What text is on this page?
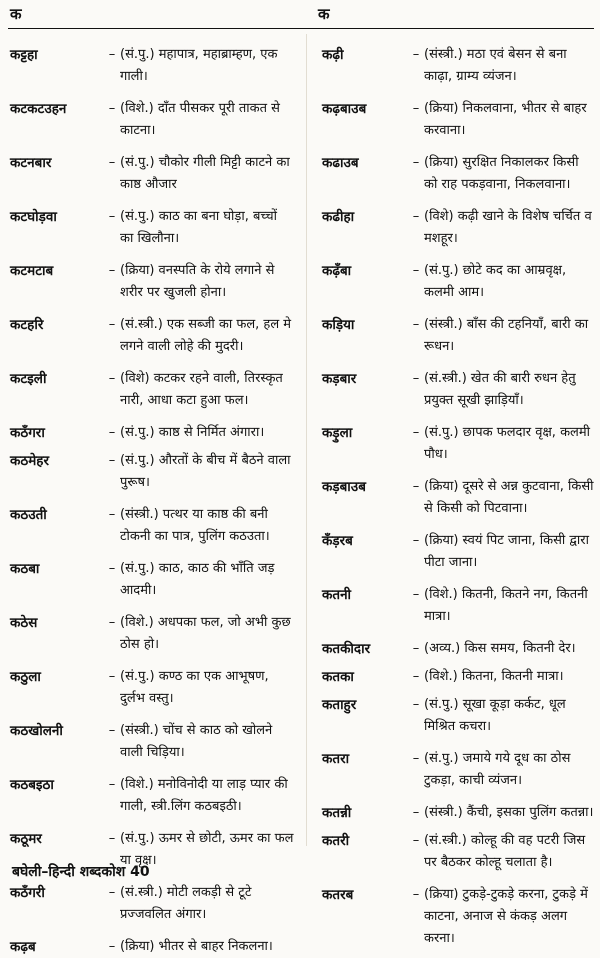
क	क
कट्टहा	– (सं.पु.) महापात्र, महाब्राम्हण, एक गाली।
कटकटउहन	– (विशे.) दाँत पीसकर पूरी ताकत से काटना।
कटनबार	– (सं.पु.) चौकोर गीली मिट्टी काटने का काष्ठ औजार
कटघोड़वा	– (सं.पु.) काठ का बना घोड़ा, बच्चों का खिलौना।
कटमटाब	– (क्रिया) वनस्पति के रोये लगाने से शरीर पर खुजली होना।
कटहरि	– (सं.स्त्री.) एक सब्जी का फल, हल मे लगने वाली लोहे की मुदरी।
कटइली	– (विशे) कटकर रहने वाली, तिरस्कृत नारी, आधा कटा हुआ फल।
कठँगरा	– (सं.पु.) काष्ठ से निर्मित अंगारा।
कठमेहर	– (सं.पु.) औरतों के बीच में बैठने वाला पुरूष।
कठउती	– (संस्त्री.) पत्थर या काष्ठ की बनी टोकनी का पात्र, पुलिंग कठउता।
कठबा	– (सं.पु.) काठ, काठ की भाँति जड़ आदमी।
कठेस	– (विशे.) अधपका फल, जो अभी कुछ ठोस हो।
कठुला	– (सं.पु.) कण्ठ का एक आभूषण, दुर्लभ वस्तु।
कठखोलनी	– (संस्त्री.) चोंच से काठ को खोलने वाली चिड़िया।
कठबइठा	– (विशे.) मनोविनोदी या लाड़ प्यार की गाली, स्त्री.लिंग कठबइठी।
कठूमर	– (सं.पु.) ऊमर से छोटी, ऊमर का फल या वृक्ष।
कठँगरी	– (सं.स्त्री.) मोटी लकड़ी से टूटे प्रज्जवलित अंगार।
कढ़ब	– (क्रिया) भीतर से बाहर निकलना।
कढ़ी	– (संस्त्री.) मठा एवं बेसन से बना काढ़ा, ग्राम्य व्यंजन।
कढ़बाउब	– (क्रिया) निकलवाना, भीतर से बाहर करवाना।
कढाउब	– (क्रिया) सुरक्षित निकालकर किसी को राह पकड़वाना, निकलवाना।
कढीहा	– (विशे) कढ़ी खाने के विशेष चर्चित व मशहूर।
कढ़ँबा	– (सं.पु.) छोटे कद का आम्रवृक्ष, कलमी आम।
कड़िया	– (संस्त्री.) बाँस की टहनियाँ, बारी का रूधन।
कड़बार	– (सं.स्त्री.) खेत की बारी रुधन हेतु प्रयुक्त सूखी झाड़ियाँ।
कड़ुला	– (सं.पु.) छापक फलदार वृक्ष, कलमी पौध।
कड़बाउब	– (क्रिया) दूसरे से अन्न कुटवाना, किसी से किसी को पिटवाना।
कँड़रब	– (क्रिया) स्वयं पिट जाना, किसी द्वारा पीटा जाना।
कतनी	– (विशे.) कितनी, कितने नग, कितनी मात्रा।
कतकीदार	– (अव्य.) किस समय, कितनी देर।
कतका	– (विशे.) कितना, कितनी मात्रा।
कताहुर	– (सं.पु.) सूखा कूड़ा कर्कट, धूल मिश्रित कचरा।
कतरा	– (सं.पु.) जमाये गये दूध का ठोस टुकड़ा, काची व्यंजन।
कतन्नी	– (संस्त्री.) कैंची, इसका पुलिंग कतन्ना।
कतरी	– (सं.स्त्री.) कोल्हू की वह पटरी जिस पर बैठकर कोल्हू चलाता है।
कतरब	– (क्रिया) टुकड़े-टुकड़े करना, टुकड़े में काटना, अनाज से कंकड़ अलग करना।
बघेली–हिन्दी शब्दकोश 40
